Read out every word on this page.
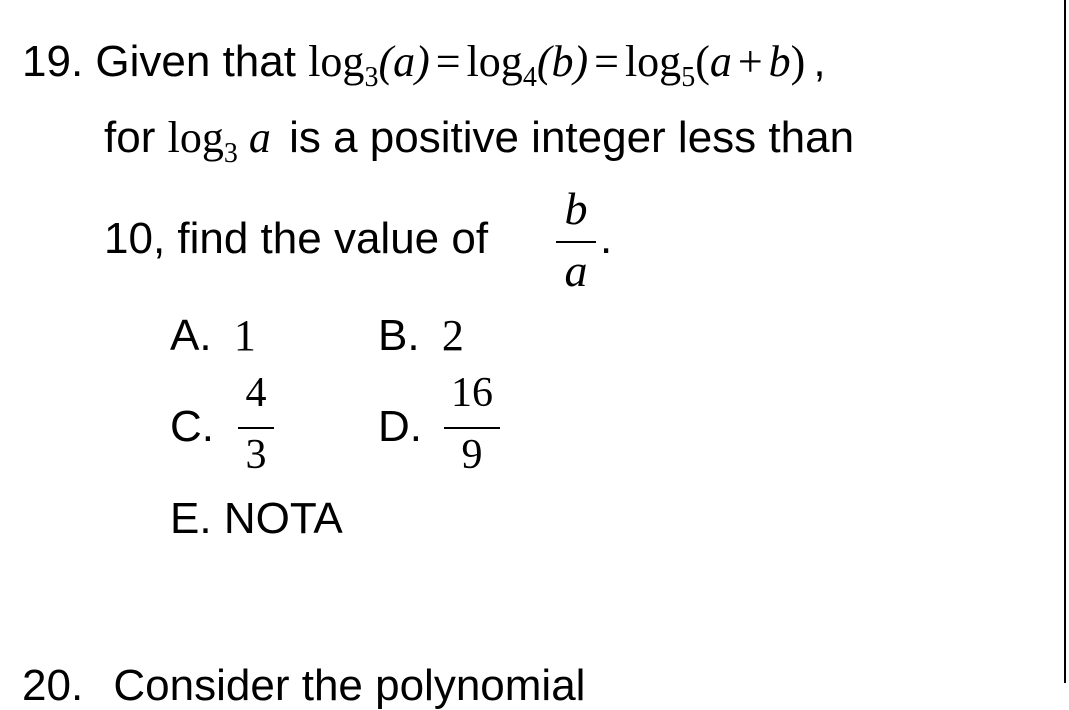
19. Given that $\log_3(a) = \log_4(b) = \log_5(a + b)$ ,
for $\log_3 a$ is a positive integer less than
10, find the value of
b
a
.
A. 1	B. 2
C.
4
3
D.
16
9
E. NOTA
20. Consider the polynomial
